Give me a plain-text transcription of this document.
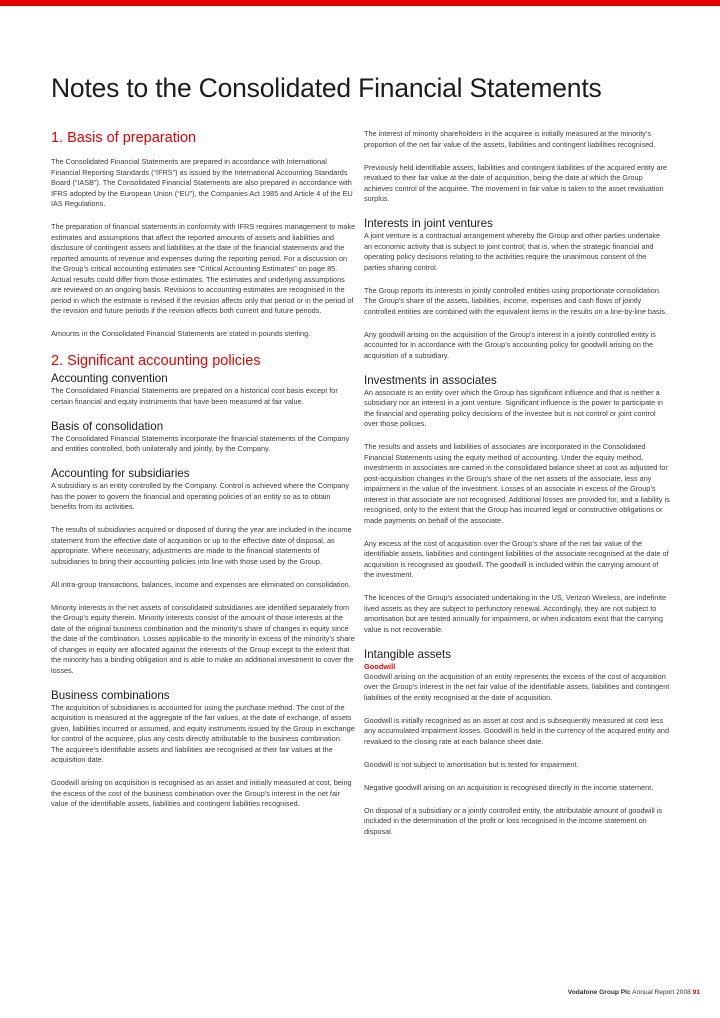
Notes to the Consolidated Financial Statements
1. Basis of preparation

The Consolidated Financial Statements are prepared in accordance with International Financial Reporting Standards (“IFRS”) as issued by the International Accounting Standards Board (“IASB”). The Consolidated Financial Statements are also prepared in accordance with IFRS adopted by the European Union (“EU”), the Companies Act 1985 and Article 4 of the EU IAS Regulations.

The preparation of financial statements in conformity with IFRS requires management to make estimates and assumptions that affect the reported amounts of assets and liabilities and disclosure of contingent assets and liabilities at the date of the financial statements and the reported amounts of revenue and expenses during the reporting period. For a discussion on the Group’s critical accounting estimates see “Critical Accounting Estimates” on page 85. Actual results could differ from those estimates. The estimates and underlying assumptions are reviewed on an ongoing basis. Revisions to accounting estimates are recognised in the period in which the estimate is revised if the revision affects only that period or in the period of the revision and future periods if the revision affects both current and future periods.

Amounts in the Consolidated Financial Statements are stated in pounds sterling.

2. Significant accounting policies
Accounting convention

The Consolidated Financial Statements are prepared on a historical cost basis except for certain financial and equity instruments that have been measured at fair value.

Basis of consolidation

The Consolidated Financial Statements incorporate the financial statements of the Company and entities controlled, both unilaterally and jointly, by the Company.

Accounting for subsidiaries

A subsidiary is an entity controlled by the Company. Control is achieved where the Company has the power to govern the financial and operating policies of an entity so as to obtain benefits from its activities.

The results of subsidiaries acquired or disposed of during the year are included in the income statement from the effective date of acquisition or up to the effective date of disposal, as appropriate. Where necessary, adjustments are made to the financial statements of subsidiaries to bring their accounting policies into line with those used by the Group.

All intra-group transactions, balances, income and expenses are eliminated on consolidation.

Minority interests in the net assets of consolidated subsidiaries are identified separately from the Group’s equity therein. Minority interests consist of the amount of those interests at the date of the original business combination and the minority’s share of changes in equity since the date of the combination. Losses applicable to the minority in excess of the minority’s share of changes in equity are allocated against the interests of the Group except to the extent that the minority has a binding obligation and is able to make an additional investment to cover the losses.

Business combinations

The acquisition of subsidiaries is accounted for using the purchase method. The cost of the acquisition is measured at the aggregate of the fair values, at the date of exchange, of assets given, liabilities incurred or assumed, and equity instruments issued by the Group in exchange for control of the acquiree, plus any costs directly attributable to the business combination. The acquiree’s identifiable assets and liabilities are recognised at their fair values at the acquisition date.

Goodwill arising on acquisition is recognised as an asset and initially measured at cost, being the excess of the cost of the business combination over the Group’s interest in the net fair value of the identifiable assets, liabilities and contingent liabilities recognised.

The interest of minority shareholders in the acquiree is initially measured at the minority’s proportion of the net fair value of the assets, liabilities and contingent liabilities recognised.

Previously held identifiable assets, liabilities and contingent liabilities of the acquired entity are revalued to their fair value at the date of acquisition, being the date at which the Group achieves control of the acquiree. The movement in fair value is taken to the asset revaluation surplus.

Interests in joint ventures

A joint venture is a contractual arrangement whereby the Group and other parties undertake an economic activity that is subject to joint control; that is, when the strategic financial and operating policy decisions relating to the activities require the unanimous consent of the parties sharing control.

The Group reports its interests in jointly controlled entities using proportionate consolidation. The Group’s share of the assets, liabilities, income, expenses and cash flows of jointly controlled entities are combined with the equivalent items in the results on a line-by-line basis.

Any goodwill arising on the acquisition of the Group’s interest in a jointly controlled entity is accounted for in accordance with the Group’s accounting policy for goodwill arising on the acquisition of a subsidiary.

Investments in associates

An associate is an entity over which the Group has significant influence and that is neither a subsidiary nor an interest in a joint venture. Significant influence is the power to participate in the financial and operating policy decisions of the investee but is not control or joint control over those policies.

The results and assets and liabilities of associates are incorporated in the Consolidated Financial Statements using the equity method of accounting. Under the equity method, investments in associates are carried in the consolidated balance sheet at cost as adjusted for post-acquisition changes in the Group’s share of the net assets of the associate, less any impairment in the value of the investment. Losses of an associate in excess of the Group’s interest in that associate are not recognised. Additional losses are provided for, and a liability is recognised, only to the extent that the Group has incurred legal or constructive obligations or made payments on behalf of the associate.

Any excess of the cost of acquisition over the Group’s share of the net fair value of the identifiable assets, liabilities and contingent liabilities of the associate recognised at the date of acquisition is recognised as goodwill. The goodwill is included within the carrying amount of the investment.

The licences of the Group’s associated undertaking in the US, Verizon Wireless, are indefinite lived assets as they are subject to perfunctory renewal. Accordingly, they are not subject to amortisation but are tested annually for impairment, or when indicators exist that the carrying value is not recoverable.

Intangible assets
Goodwill

Goodwill arising on the acquisition of an entity represents the excess of the cost of acquisition over the Group’s interest in the net fair value of the identifiable assets, liabilities and contingent liabilities of the entity recognised at the date of acquisition.

Goodwill is initially recognised as an asset at cost and is subsequently measured at cost less any accumulated impairment losses. Goodwill is held in the currency of the acquired entity and revalued to the closing rate at each balance sheet date.

Goodwill is not subject to amortisation but is tested for impairment.

Negative goodwill arising on an acquisition is recognised directly in the income statement.

On disposal of a subsidiary or a jointly controlled entity, the attributable amount of goodwill is included in the determination of the profit or loss recognised in the income statement on disposal.

Vodafone Group Plc Annual Report 2008 91
